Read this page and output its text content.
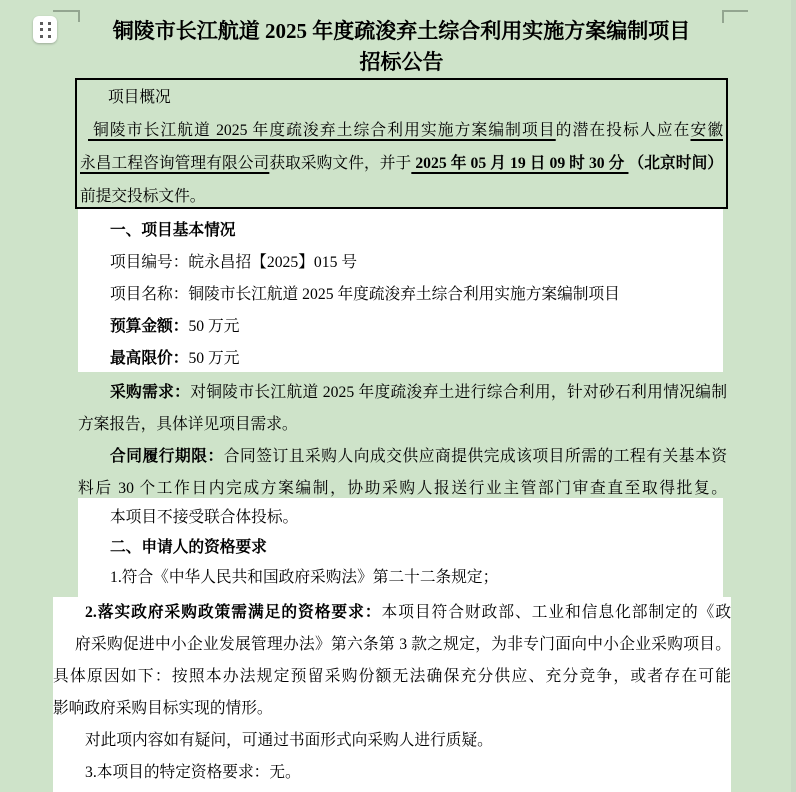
铜陵市长江航道 2025 年度疏浚弃土综合利用实施方案编制项目
招标公告
项目概况
铜陵市长江航道 2025 年度疏浚弃土综合利用实施方案编制项目的潜在投标人应在安徽
永昌工程咨询管理有限公司获取采购文件，并于 2025 年 05 月 19 日 09 时 30 分 （北京时间）
前提交投标文件。
一、项目基本情况
项目编号：皖永昌招【2025】015 号
项目名称：铜陵市长江航道 2025 年度疏浚弃土综合利用实施方案编制项目
预算金额：50 万元
最高限价：50 万元
采购需求：对铜陵市长江航道 2025 年度疏浚弃土进行综合利用，针对砂石利用情况编制
方案报告，具体详见项目需求。
合同履行期限：合同签订且采购人向成交供应商提供完成该项目所需的工程有关基本资
料后 30 个工作日内完成方案编制，协助采购人报送行业主管部门审查直至取得批复。
本项目不接受联合体投标。
二、申请人的资格要求
1.符合《中华人民共和国政府采购法》第二十二条规定；
2.落实政府采购政策需满足的资格要求：本项目符合财政部、工业和信息化部制定的《政
府采购促进中小企业发展管理办法》第六条第 3 款之规定，为非专门面向中小企业采购项目。
具体原因如下：按照本办法规定预留采购份额无法确保充分供应、充分竞争，或者存在可能
影响政府采购目标实现的情形。
对此项内容如有疑问，可通过书面形式向采购人进行质疑。
3.本项目的特定资格要求：无。
